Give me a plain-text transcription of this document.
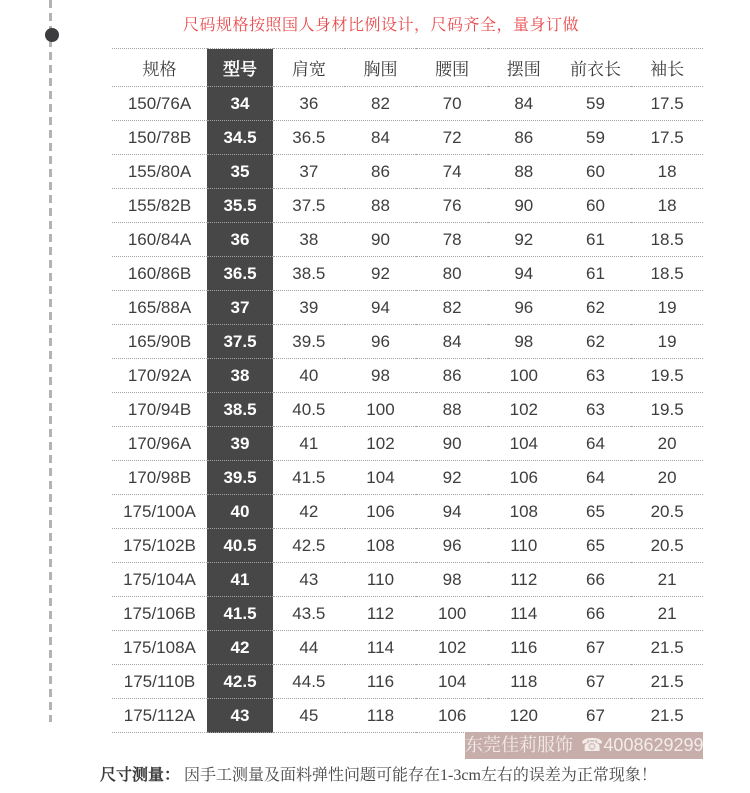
尺码规格按照国人身材比例设计，尺码齐全，量身订做
规格	型号	肩宽	胸围	腰围	摆围	前衣长	袖长
150/76A	34	36	82	70	84	59	17.5
150/78B	34.5	36.5	84	72	86	59	17.5
155/80A	35	37	86	74	88	60	18
155/82B	35.5	37.5	88	76	90	60	18
160/84A	36	38	90	78	92	61	18.5
160/86B	36.5	38.5	92	80	94	61	18.5
165/88A	37	39	94	82	96	62	19
165/90B	37.5	39.5	96	84	98	62	19
170/92A	38	40	98	86	100	63	19.5
170/94B	38.5	40.5	100	88	102	63	19.5
170/96A	39	41	102	90	104	64	20
170/98B	39.5	41.5	104	92	106	64	20
175/100A	40	42	106	94	108	65	20.5
175/102B	40.5	42.5	108	96	110	65	20.5
175/104A	41	43	110	98	112	66	21
175/106B	41.5	43.5	112	100	114	66	21
175/108A	42	44	114	102	116	67	21.5
175/110B	42.5	44.5	116	104	118	67	21.5
175/112A	43	45	118	106	120	67	21.5
东莞佳莉服饰 ☎4008629299
尺寸测量： 因手工测量及面料弹性问题可能存在1-3cm左右的误差为正常现象！
